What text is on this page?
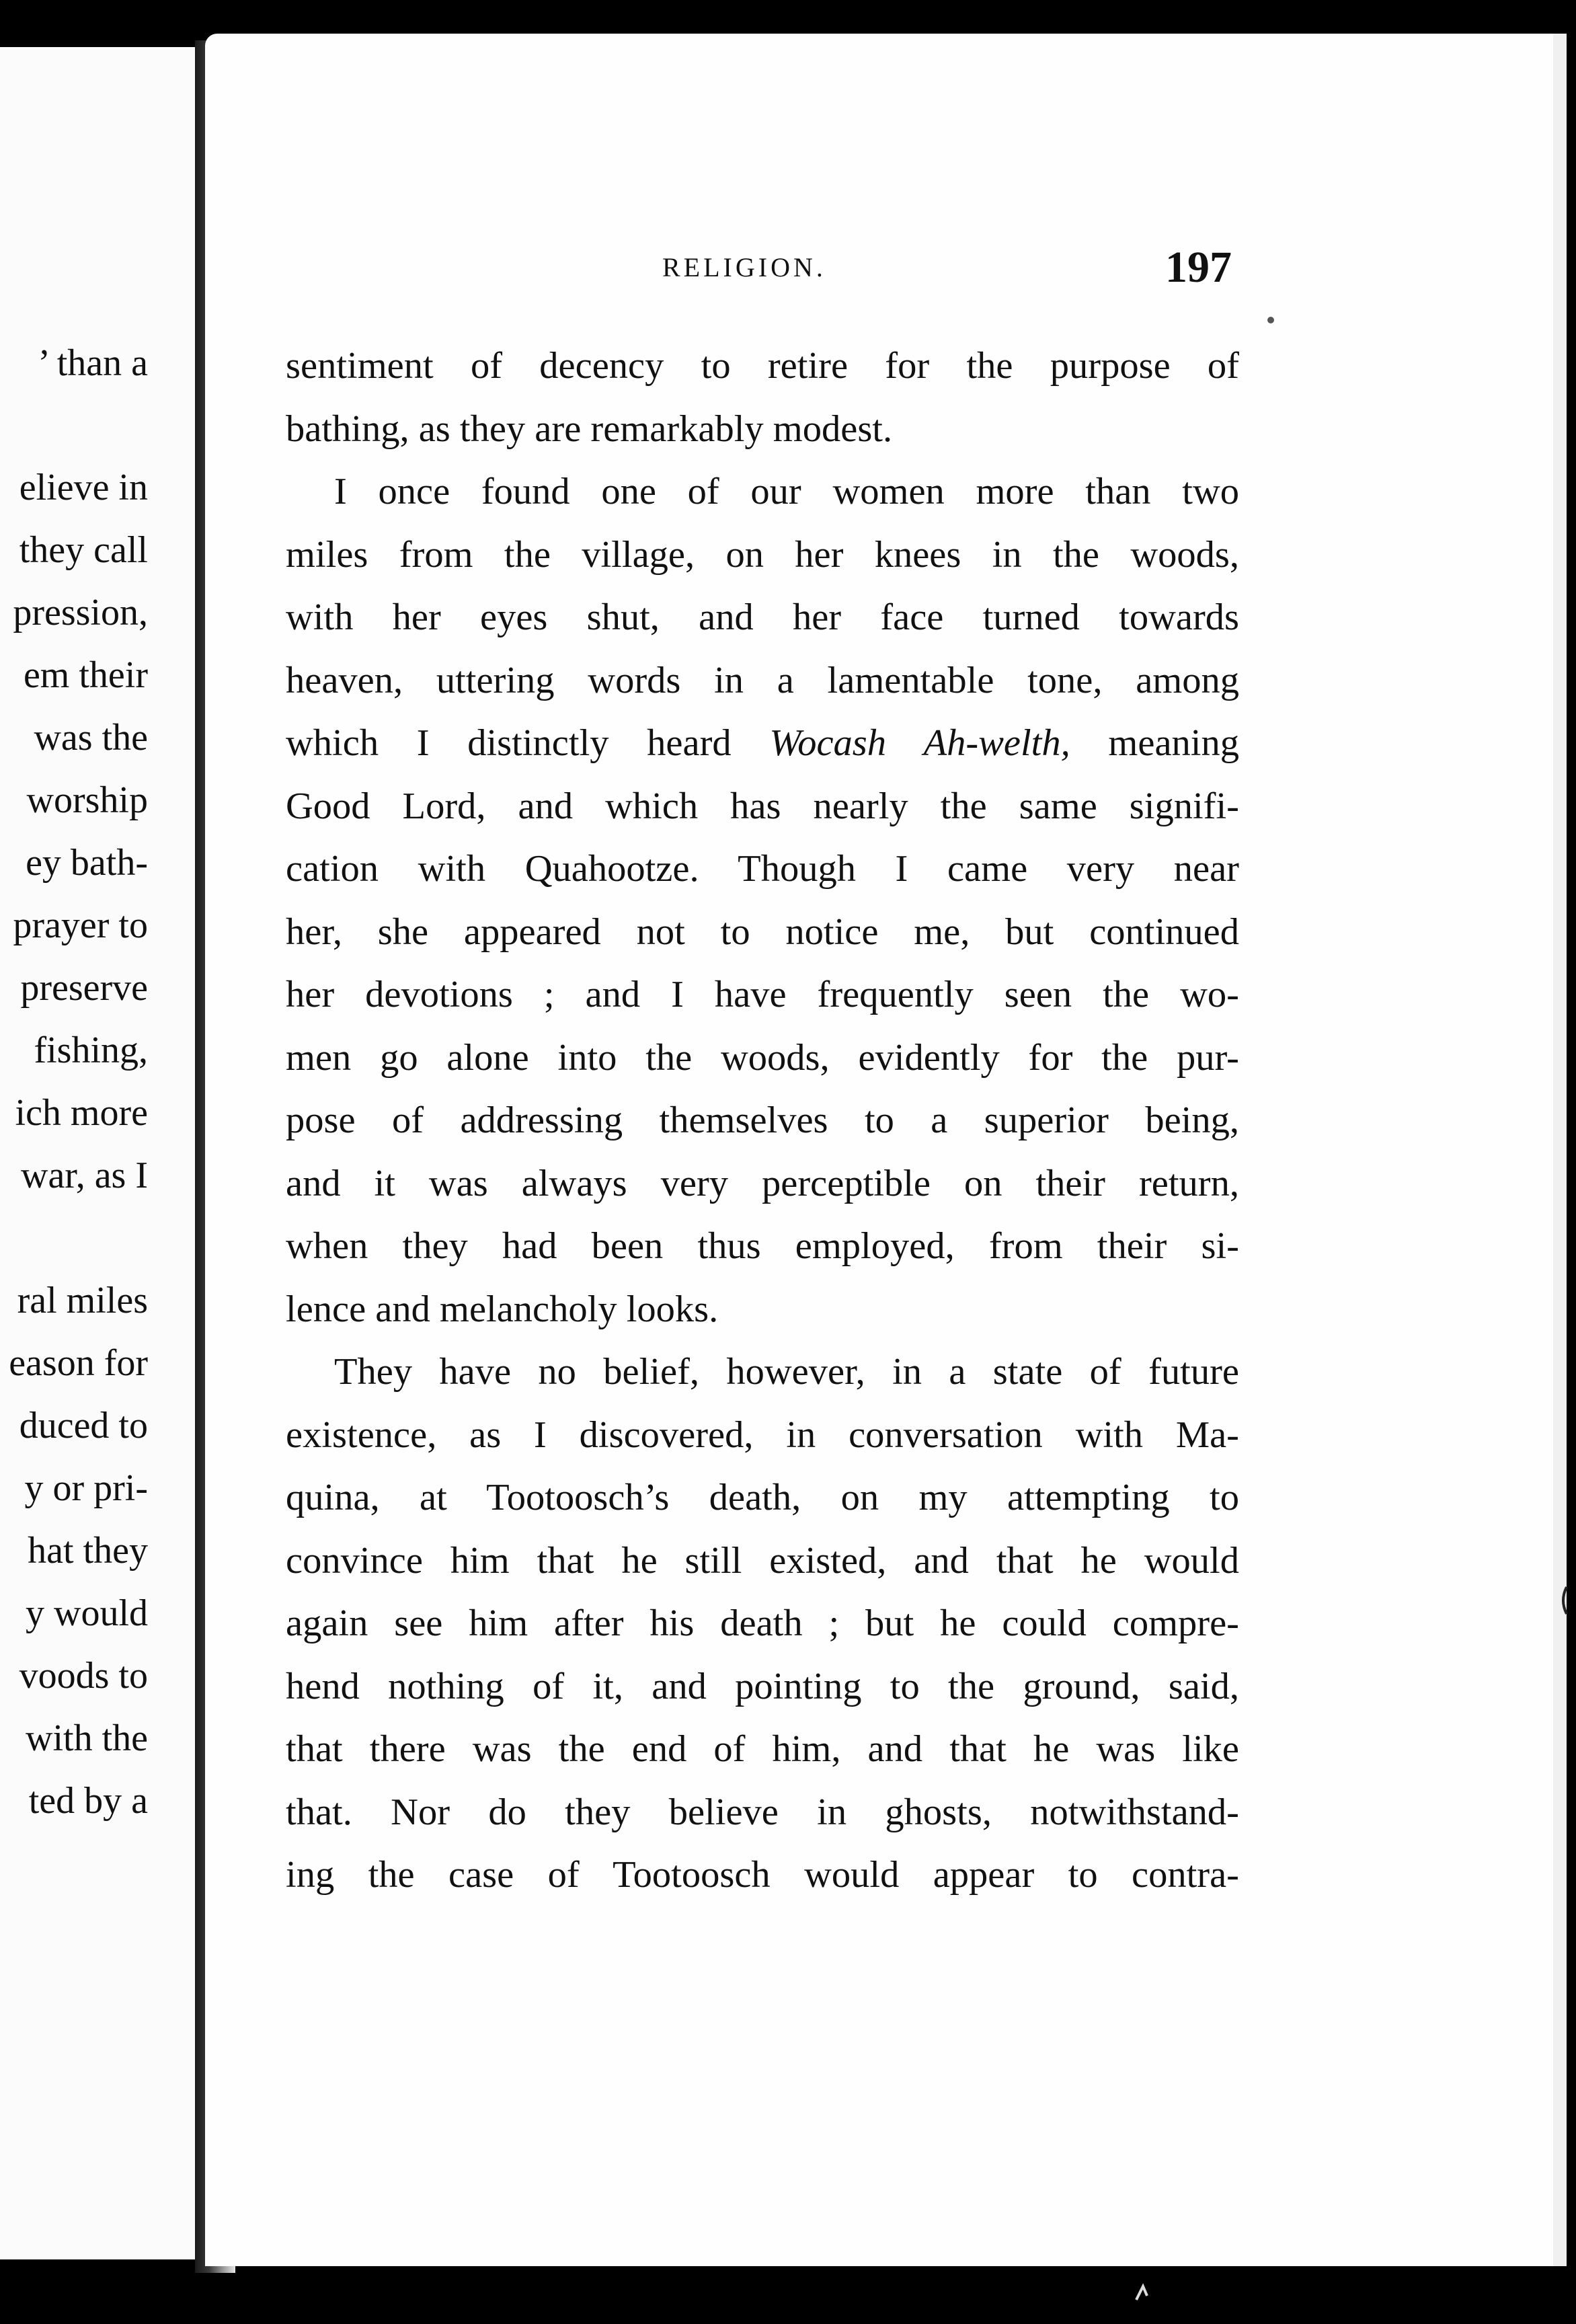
’ than a
elieve in
they call
pression,
em their
was the
worship
ey bath-
prayer to
preserve
fishing,
ich more
war, as I
ral miles
eason for
duced to
y or pri-
hat they
y would
voods to
with the
ted by a
RELIGION.	197
sentiment of decency to retire for the purpose of
bathing, as they are remarkably modest.
I once found one of our women more than two
miles from the village, on her knees in the woods,
with her eyes shut, and her face turned towards
heaven, uttering words in a lamentable tone, among
which I distinctly heard Wocash Ah-welth, meaning
Good Lord, and which has nearly the same signifi-
cation with Quahootze. Though I came very near
her, she appeared not to notice me, but continued
her devotions ; and I have frequently seen the wo-
men go alone into the woods, evidently for the pur-
pose of addressing themselves to a superior being,
and it was always very perceptible on their return,
when they had been thus employed, from their si-
lence and melancholy looks.
They have no belief, however, in a state of future
existence, as I discovered, in conversation with Ma-
quina, at Tootoosch’s death, on my attempting to
convince him that he still existed, and that he would
again see him after his death ; but he could compre-
hend nothing of it, and pointing to the ground, said,
that there was the end of him, and that he was like
that. Nor do they believe in ghosts, notwithstand-
ing the case of Tootoosch would appear to contra-
